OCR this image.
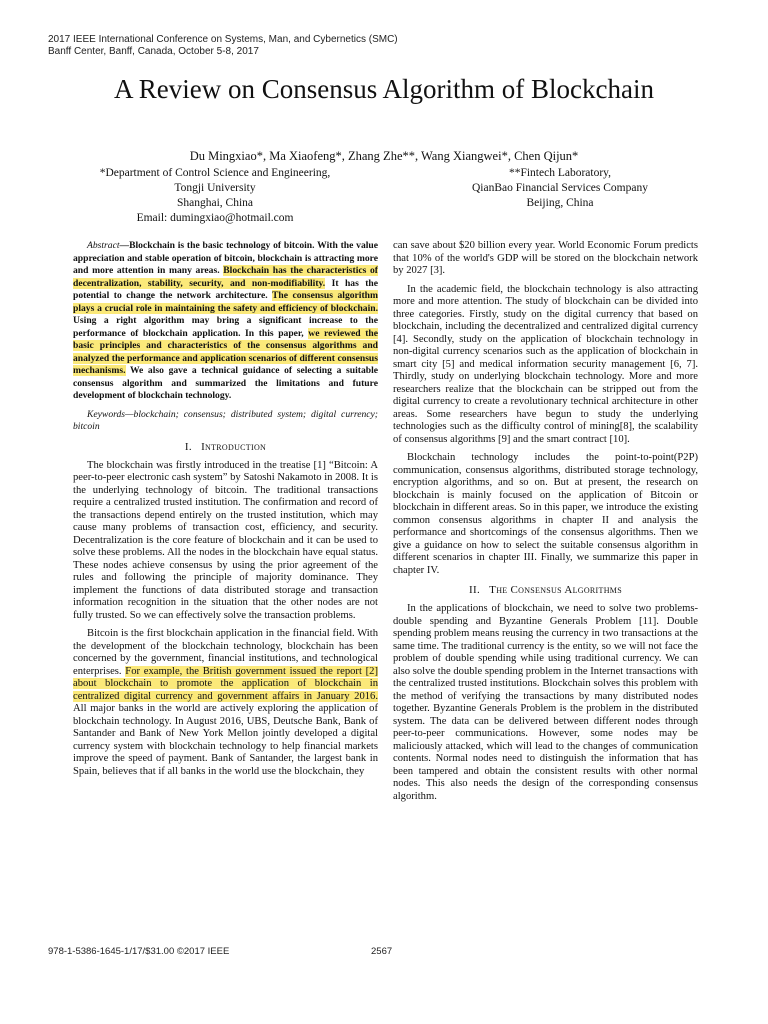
2017 IEEE International Conference on Systems, Man, and Cybernetics (SMC)
Banff Center, Banff, Canada, October 5-8, 2017
A Review on Consensus Algorithm of Blockchain
Du Mingxiao*, Ma Xiaofeng*, Zhang Zhe**, Wang Xiangwei*, Chen Qijun*
*Department of Control Science and Engineering,
Tongji University
Shanghai, China
Email: dumingxiao@hotmail.com
**Fintech Laboratory,
QianBao Financial Services Company
Beijing, China

Abstract—Blockchain is the basic technology of bitcoin. With the value appreciation and stable operation of bitcoin, blockchain is attracting more and more attention in many areas. Blockchain has the characteristics of decentralization, stability, security, and non-modifiability. It has the potential to change the network architecture. The consensus algorithm plays a crucial role in maintaining the safety and efficiency of blockchain. Using a right algorithm may bring a significant increase to the performance of blockchain application. In this paper, we reviewed the basic principles and characteristics of the consensus algorithms and analyzed the performance and application scenarios of different consensus mechanisms. We also gave a technical guidance of selecting a suitable consensus algorithm and summarized the limitations and future development of blockchain technology.

Keywords—blockchain; consensus; distributed system; digital currency; bitcoin

I. Introduction

The blockchain was firstly introduced in the treatise [1] “Bitcoin: A peer-to-peer electronic cash system” by Satoshi Nakamoto in 2008. It is the underlying technology of bitcoin. The traditional transactions require a centralized trusted institution. The confirmation and record of the transactions depend entirely on the trusted institution, which may cause many problems of transaction cost, efficiency, and security. Decentralization is the core feature of blockchain and it can be used to solve these problems. All the nodes in the blockchain have equal status. These nodes achieve consensus by using the prior agreement of the rules and following the principle of majority dominance. They implement the functions of data distributed storage and transaction information recognition in the situation that the other nodes are not fully trusted. So we can effectively solve the transaction problems.

Bitcoin is the first blockchain application in the financial field. With the development of the blockchain technology, blockchain has been concerned by the government, financial institutions, and technological enterprises. For example, the British government issued the report [2] about blockchain to promote the application of blockchain in centralized digital currency and government affairs in January 2016. All major banks in the world are actively exploring the application of blockchain technology. In August 2016, UBS, Deutsche Bank, Bank of Santander and Bank of New York Mellon jointly developed a digital currency system with blockchain technology to help financial markets improve the speed of payment. Bank of Santander, the largest bank in Spain, believes that if all banks in the world use the blockchain, they

can save about $20 billion every year. World Economic Forum predicts that 10% of the world's GDP will be stored on the blockchain network by 2027 [3].

In the academic field, the blockchain technology is also attracting more and more attention. The study of blockchain can be divided into three categories. Firstly, study on the digital currency that based on blockchain, including the decentralized and centralized digital currency [4]. Secondly, study on the application of blockchain technology in non-digital currency scenarios such as the application of blockchain in smart city [5] and medical information security management [6, 7]. Thirdly, study on underlying blockchain technology. More and more researchers realize that the blockchain can be stripped out from the digital currency to create a revolutionary technical architecture in other areas. Some researchers have begun to study the underlying technologies such as the difficulty control of mining[8], the scalability of consensus algorithms [9] and the smart contract [10].

Blockchain technology includes the point-to-point(P2P) communication, consensus algorithms, distributed storage technology, encryption algorithms, and so on. But at present, the research on blockchain is mainly focused on the application of Bitcoin or blockchain in different areas. So in this paper, we introduce the existing common consensus algorithms in chapter II and analysis the performance and shortcomings of the consensus algorithms. Then we give a guidance on how to select the suitable consensus algorithm in different scenarios in chapter III. Finally, we summarize this paper in chapter IV.

II. The Consensus Algorithms

In the applications of blockchain, we need to solve two problems- double spending and Byzantine Generals Problem [11]. Double spending problem means reusing the currency in two transactions at the same time. The traditional currency is the entity, so we will not face the problem of double spending while using traditional currency. We can also solve the double spending problem in the Internet transactions with the centralized trusted institutions. Blockchain solves this problem with the method of verifying the transactions by many distributed nodes together. Byzantine Generals Problem is the problem in the distributed system. The data can be delivered between different nodes through peer-to-peer communications. However, some nodes may be maliciously attacked, which will lead to the changes of communication contents. Normal nodes need to distinguish the information that has been tampered and obtain the consistent results with other normal nodes. This also needs the design of the corresponding consensus algorithm.

978-1-5386-1645-1/17/$31.00 ©2017 IEEE	2567
